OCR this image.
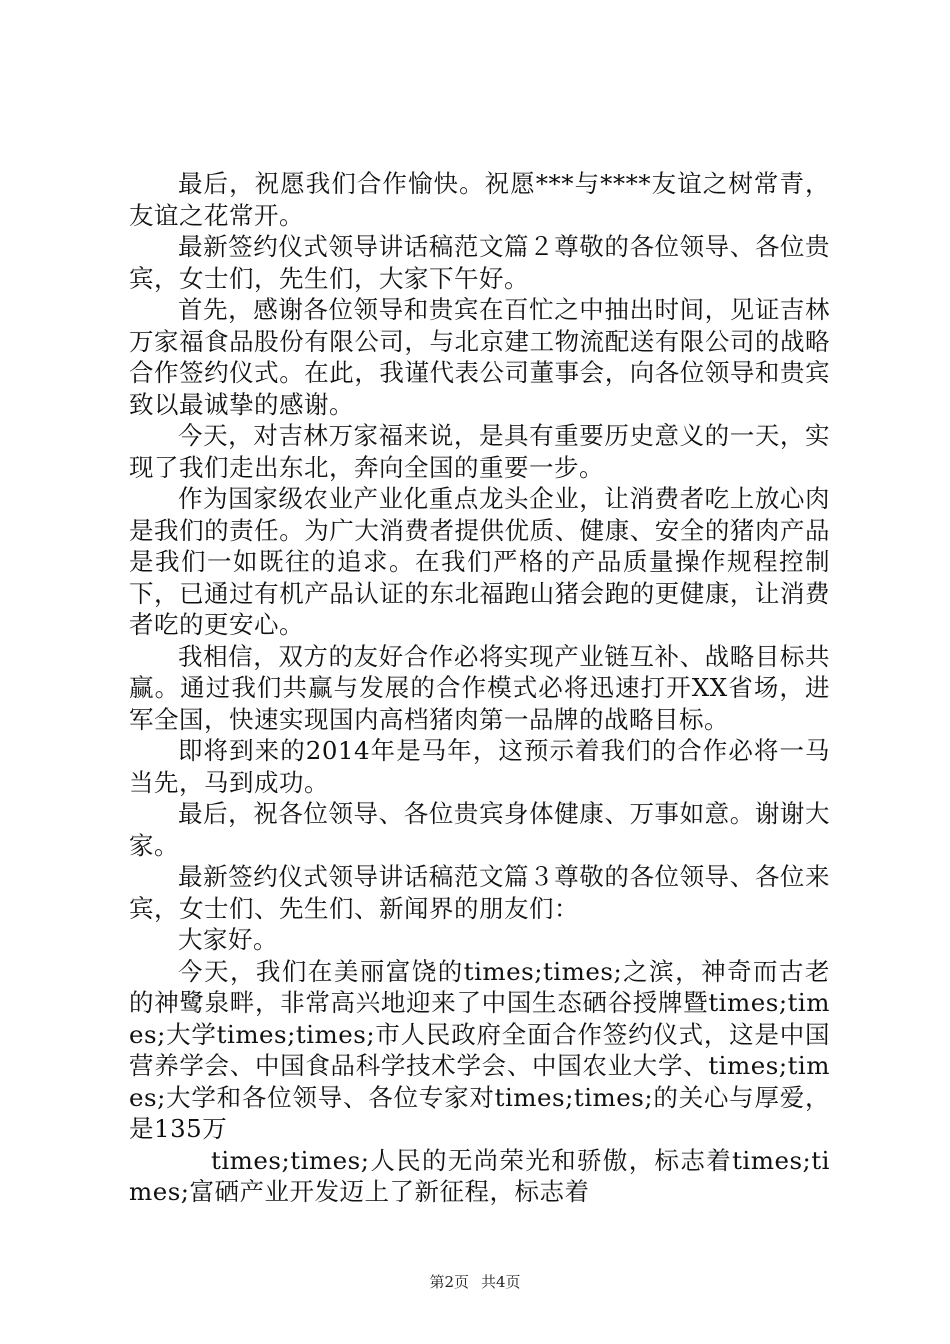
最后，祝愿我们合作愉快。祝愿***与****友谊之树常青，友谊之花常开。

最新签约仪式领导讲话稿范文篇２尊敬的各位领导、各位贵宾，女士们，先生们，大家下午好。

首先，感谢各位领导和贵宾在百忙之中抽出时间，见证吉林万家福食品股份有限公司，与北京建工物流配送有限公司的战略合作签约仪式。在此，我谨代表公司董事会，向各位领导和贵宾致以最诚挚的感谢。

今天，对吉林万家福来说，是具有重要历史意义的一天，实现了我们走出东北，奔向全国的重要一步。

作为国家级农业产业化重点龙头企业，让消费者吃上放心肉是我们的责任。为广大消费者提供优质、健康、安全的猪肉产品是我们一如既往的追求。在我们严格的产品质量操作规程控制下，已通过有机产品认证的东北福跑山猪会跑的更健康，让消费者吃的更安心。

我相信，双方的友好合作必将实现产业链互补、战略目标共赢。通过我们共赢与发展的合作模式必将迅速打开XX省场，进军全国，快速实现国内高档猪肉第一品牌的战略目标。

即将到来的2014年是马年，这预示着我们的合作必将一马当先，马到成功。

最后，祝各位领导、各位贵宾身体健康、万事如意。谢谢大家。

最新签约仪式领导讲话稿范文篇３尊敬的各位领导、各位来宾，女士们、先生们、新闻界的朋友们：

大家好。

今天，我们在美丽富饶的times;times;之滨，神奇而古老的神鹭泉畔，非常高兴地迎来了中国生态硒谷授牌暨times;times;大学times;times;市人民政府全面合作签约仪式，这是中国营养学会、中国食品科学技术学会、中国农业大学、times;times;大学和各位领导、各位专家对times;times;的关心与厚爱，是135万

times;times;人民的无尚荣光和骄傲，标志着times;times;富硒产业开发迈上了新征程，标志着

第2页 共4页
